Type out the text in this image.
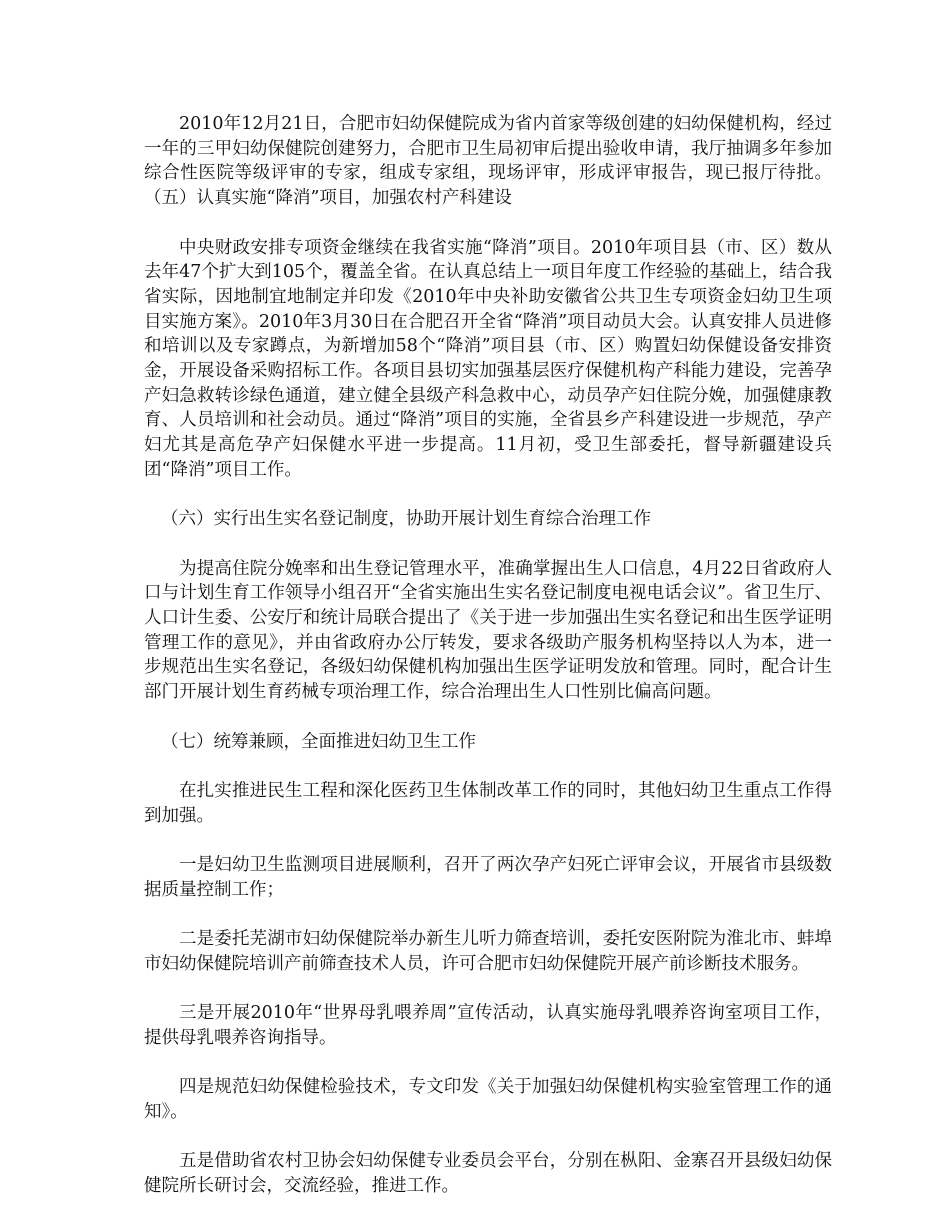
2010年12月21日，合肥市妇幼保健院成为省内首家等级创建的妇幼保健机构，经过一年的三甲妇幼保健院创建努力，合肥市卫生局初审后提出验收申请，我厅抽调多年参加综合性医院等级评审的专家，组成专家组，现场评审，形成评审报告，现已报厅待批。（五）认真实施“降消”项目，加强农村产科建设

中央财政安排专项资金继续在我省实施“降消”项目。2010年项目县（市、区）数从去年47个扩大到105个，覆盖全省。在认真总结上一项目年度工作经验的基础上，结合我省实际，因地制宜地制定并印发《2010年中央补助安徽省公共卫生专项资金妇幼卫生项目实施方案》。2010年3月30日在合肥召开全省“降消”项目动员大会。认真安排人员进修和培训以及专家蹲点，为新增加58个“降消”项目县（市、区）购置妇幼保健设备安排资金，开展设备采购招标工作。各项目县切实加强基层医疗保健机构产科能力建设，完善孕产妇急救转诊绿色通道，建立健全县级产科急救中心，动员孕产妇住院分娩，加强健康教育、人员培训和社会动员。通过“降消”项目的实施，全省县乡产科建设进一步规范，孕产妇尤其是高危孕产妇保健水平进一步提高。11月初，受卫生部委托，督导新疆建设兵团“降消”项目工作。

（六）实行出生实名登记制度，协助开展计划生育综合治理工作

为提高住院分娩率和出生登记管理水平，准确掌握出生人口信息，4月22日省政府人口与计划生育工作领导小组召开“全省实施出生实名登记制度电视电话会议”。省卫生厅、人口计生委、公安厅和统计局联合提出了《关于进一步加强出生实名登记和出生医学证明管理工作的意见》，并由省政府办公厅转发，要求各级助产服务机构坚持以人为本，进一步规范出生实名登记，各级妇幼保健机构加强出生医学证明发放和管理。同时，配合计生部门开展计划生育药械专项治理工作，综合治理出生人口性别比偏高问题。

（七）统筹兼顾，全面推进妇幼卫生工作

在扎实推进民生工程和深化医药卫生体制改革工作的同时，其他妇幼卫生重点工作得到加强。

一是妇幼卫生监测项目进展顺利，召开了两次孕产妇死亡评审会议，开展省市县级数据质量控制工作；

二是委托芜湖市妇幼保健院举办新生儿听力筛查培训，委托安医附院为淮北市、蚌埠市妇幼保健院培训产前筛查技术人员，许可合肥市妇幼保健院开展产前诊断技术服务。

三是开展2010年“世界母乳喂养周”宣传活动，认真实施母乳喂养咨询室项目工作，提供母乳喂养咨询指导。

四是规范妇幼保健检验技术，专文印发《关于加强妇幼保健机构实验室管理工作的通知》。

五是借助省农村卫协会妇幼保健专业委员会平台，分别在枞阳、金寨召开县级妇幼保健院所长研讨会，交流经验，推进工作。
